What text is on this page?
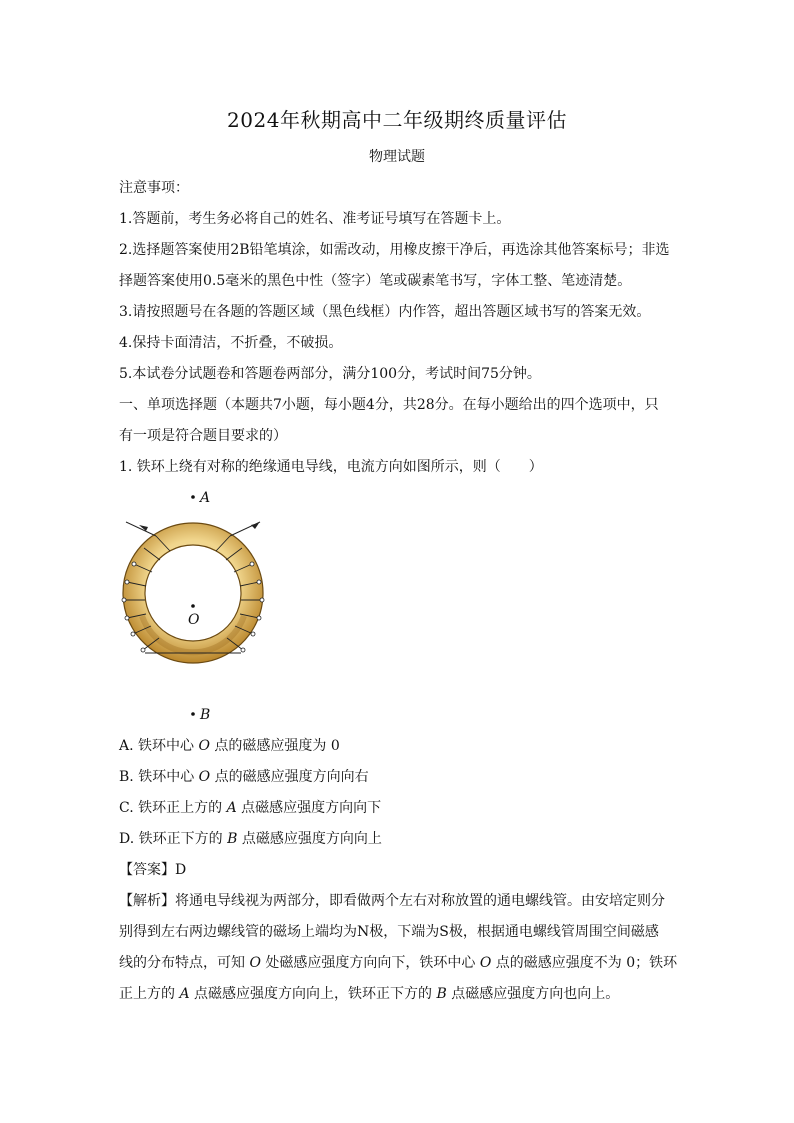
2024年秋期高中二年级期终质量评估
物理试题
注意事项：
1.答题前，考生务必将自己的姓名、准考证号填写在答题卡上。
2.选择题答案使用2B铅笔填涂，如需改动，用橡皮擦干净后，再选涂其他答案标号；非选
择题答案使用0.5毫米的黑色中性（签字）笔或碳素笔书写，字体工整、笔迹清楚。
3.请按照题号在各题的答题区域（黑色线框）内作答，超出答题区域书写的答案无效。
4.保持卡面清洁，不折叠，不破损。
5.本试卷分试题卷和答题卷两部分，满分100分，考试时间75分钟。
一、单项选择题（本题共7小题，每小题4分，共28分。在每小题给出的四个选项中，只
有一项是符合题目要求的）
1. 铁环上绕有对称的绝缘通电导线，电流方向如图所示，则（　　）
A
O
B
A. 铁环中心 O 点的磁感应强度为 0
B. 铁环中心 O 点的磁感应强度方向向右
C. 铁环正上方的 A 点磁感应强度方向向下
D. 铁环正下方的 B 点磁感应强度方向向上
【答案】D
【解析】将通电导线视为两部分，即看做两个左右对称放置的通电螺线管。由安培定则分
别得到左右两边螺线管的磁场上端均为N极，下端为S极，根据通电螺线管周围空间磁感
线的分布特点，可知 O 处磁感应强度方向向下，铁环中心 O 点的磁感应强度不为 0；铁环
正上方的 A 点磁感应强度方向向上，铁环正下方的 B 点磁感应强度方向也向上。
